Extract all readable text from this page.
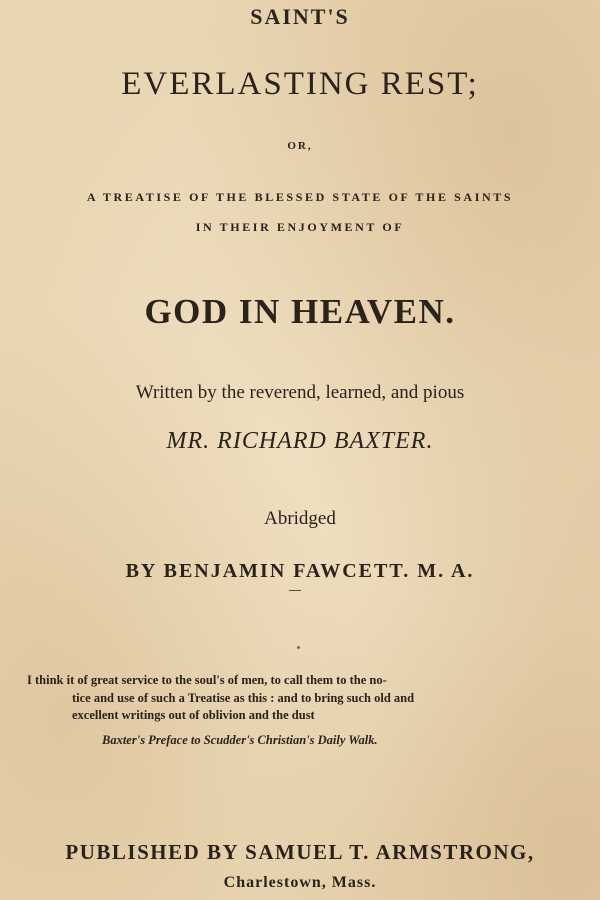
SAINT'S
EVERLASTING REST;
OR,
A TREATISE OF THE BLESSED STATE OF THE SAINTS
IN THEIR ENJOYMENT OF
GOD IN HEAVEN.
Written by the reverend, learned, and pious
MR. RICHARD BAXTER.
Abridged
BY BENJAMIN FAWCETT. M. A.
I think it of great service to the soul's of men, to call them to the no-
tice and use of such a Treatise as this : and to bring such old and
excellent writings out of oblivion and the dust
Baxter's Preface to Scudder's Christian's Daily Walk.
PUBLISHED BY SAMUEL T. ARMSTRONG,
Charlestown, Mass.
